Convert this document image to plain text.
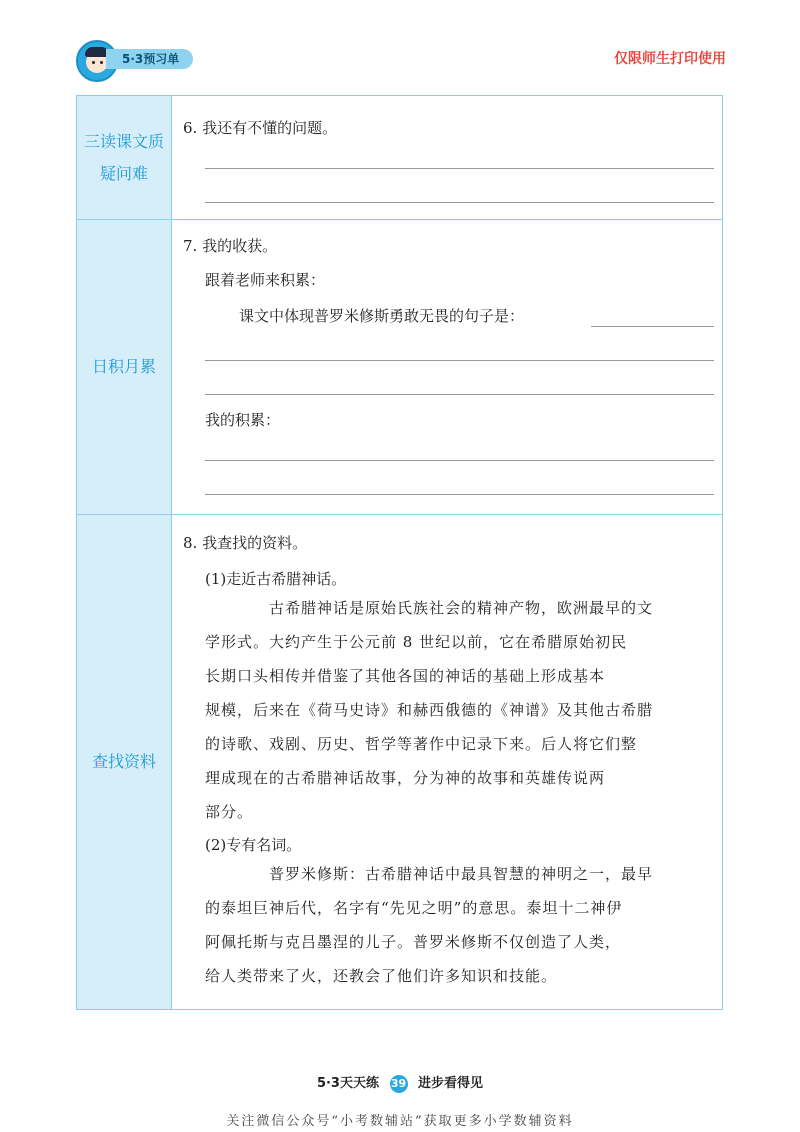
5·3预习单	仅限师生打印使用
三读课文质疑问难
6. 我还有不懂的问题。
日积月累
7. 我的收获。
跟着老师来积累：
课文中体现普罗米修斯勇敢无畏的句子是：
我的积累：
查找资料
8. 我查找的资料。
(1)走近古希腊神话。
古希腊神话是原始氏族社会的精神产物，欧洲最早的文
学形式。大约产生于公元前 8 世纪以前，它在希腊原始初民
长期口头相传并借鉴了其他各国的神话的基础上形成基本
规模，后来在《荷马史诗》和赫西俄德的《神谱》及其他古希腊
的诗歌、戏剧、历史、哲学等著作中记录下来。后人将它们整
理成现在的古希腊神话故事，分为神的故事和英雄传说两
部分。
(2)专有名词。
普罗米修斯：古希腊神话中最具智慧的神明之一，最早
的泰坦巨神后代，名字有“先见之明”的意思。泰坦十二神伊
阿佩托斯与克吕墨涅的儿子。普罗米修斯不仅创造了人类，
给人类带来了火，还教会了他们许多知识和技能。
5·3天天练 39 进步看得见
关注微信公众号“小考数辅站”获取更多小学数辅资料
